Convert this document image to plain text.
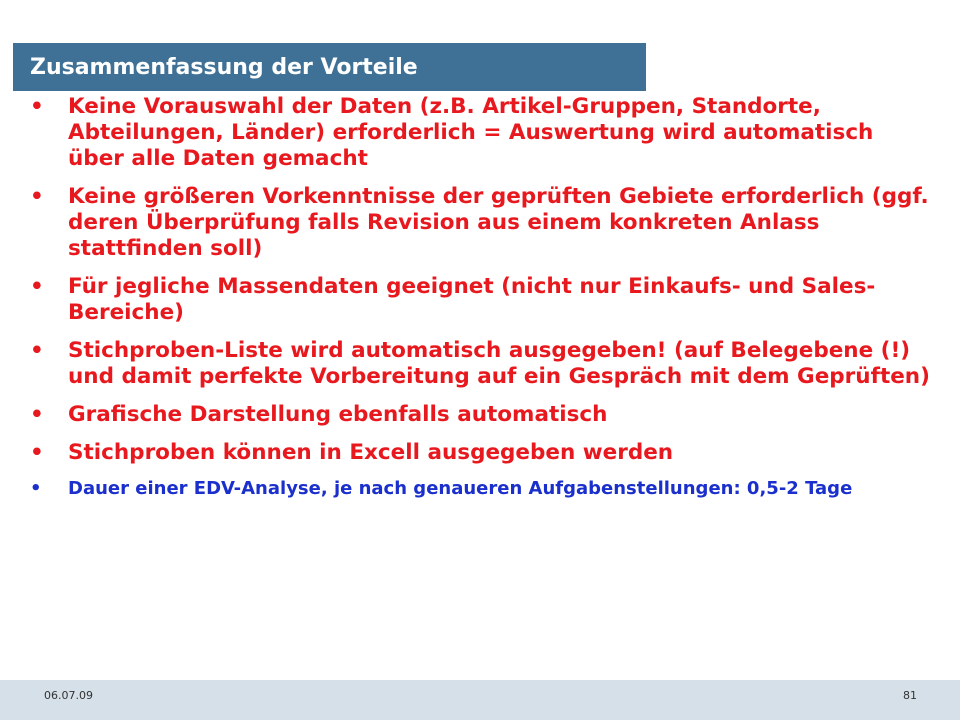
Zusammenfassung der Vorteile
• Keine Vorauswahl der Daten (z.B. Artikel-Gruppen, Standorte, Abteilungen, Länder) erforderlich = Auswertung wird automatisch über alle Daten gemacht
• Keine größeren Vorkenntnisse der geprüften Gebiete erforderlich (ggf. deren Überprüfung falls Revision aus einem konkreten Anlass stattfinden soll)
• Für jegliche Massendaten geeignet (nicht nur Einkaufs- und Sales-Bereiche)
• Stichproben-Liste wird automatisch ausgegeben! (auf Belegebene (!) und damit perfekte Vorbereitung auf ein Gespräch mit dem Geprüften)
• Grafische Darstellung ebenfalls automatisch
• Stichproben können in Excell ausgegeben werden
• Dauer einer EDV-Analyse, je nach genaueren Aufgabenstellungen: 0,5-2 Tage
06.07.09	81
